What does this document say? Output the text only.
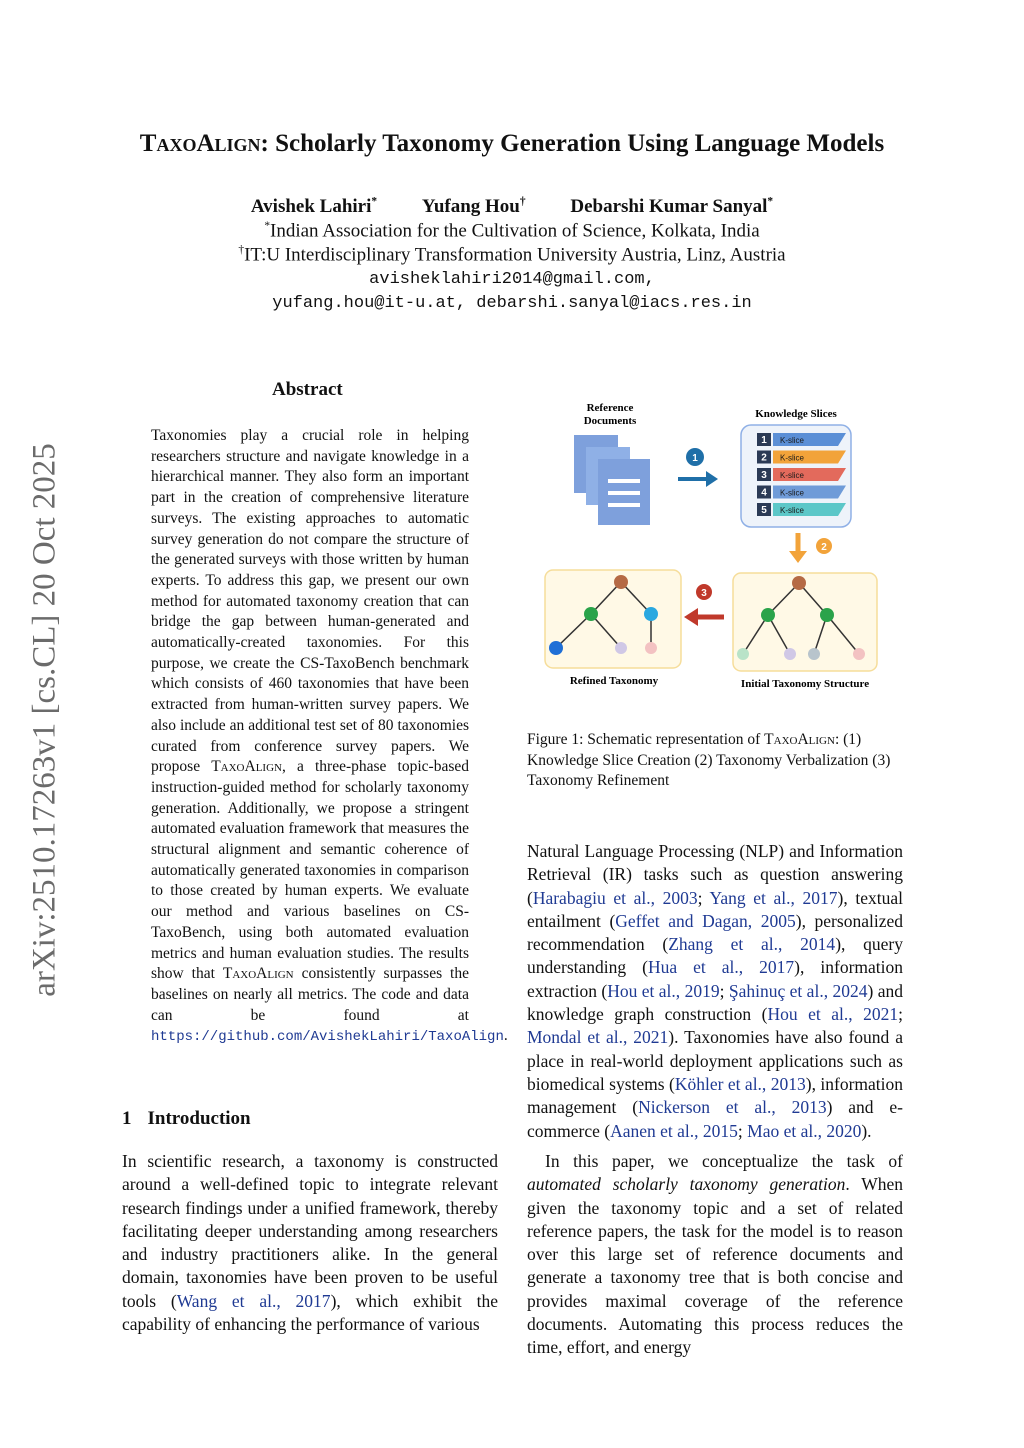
arXiv:2510.17263v1 [cs.CL] 20 Oct 2025
TaxoAlign: Scholarly Taxonomy Generation Using Language Models
Avishek Lahiri* Yufang Hou† Debarshi Kumar Sanyal*
*Indian Association for the Cultivation of Science, Kolkata, India
†IT:U Interdisciplinary Transformation University Austria, Linz, Austria
avisheklahiri2014@gmail.com,
yufang.hou@it-u.at, debarshi.sanyal@iacs.res.in
Abstract
Taxonomies play a crucial role in helping researchers structure and navigate knowledge in a hierarchical manner. They also form an important part in the creation of comprehensive literature surveys. The existing approaches to automatic survey generation do not compare the structure of the generated surveys with those written by human experts. To address this gap, we present our own method for automated taxonomy creation that can bridge the gap between human-generated and automatically-created taxonomies. For this purpose, we create the CS-TaxoBench benchmark which consists of 460 taxonomies that have been extracted from human-written survey papers. We also include an additional test set of 80 taxonomies curated from conference survey papers. We propose TaxoAlign, a three-phase topic-based instruction-guided method for scholarly taxonomy generation. Additionally, we propose a stringent automated evaluation framework that measures the structural alignment and semantic coherence of automatically generated taxonomies in comparison to those created by human experts. We evaluate our method and various baselines on CS-TaxoBench, using both automated evaluation metrics and human evaluation studies. The results show that TaxoAlign consistently surpasses the baselines on nearly all metrics. The code and data can be found at https://github.com/AvishekLahiri/TaxoAlign.
1 Introduction
In scientific research, a taxonomy is constructed around a well-defined topic to integrate relevant research findings under a unified framework, thereby facilitating deeper understanding among researchers and industry practitioners alike. In the general domain, taxonomies have been proven to be useful tools (Wang et al., 2017), which exhibit the capability of enhancing the performance of various
Reference Documents
1
Knowledge Slices
1 K-slice
2 K-slice
3 K-slice
4 K-slice
5 K-slice
2
Initial Taxonomy Structure
3
Refined Taxonomy
Figure 1: Schematic representation of TaxoAlign: (1) Knowledge Slice Creation (2) Taxonomy Verbalization (3) Taxonomy Refinement
Natural Language Processing (NLP) and Information Retrieval (IR) tasks such as question answering (Harabagiu et al., 2003; Yang et al., 2017), textual entailment (Geffet and Dagan, 2005), personalized recommendation (Zhang et al., 2014), query understanding (Hua et al., 2017), information extraction (Hou et al., 2019; Şahinuç et al., 2024) and knowledge graph construction (Hou et al., 2021; Mondal et al., 2021). Taxonomies have also found a place in real-world deployment applications such as biomedical systems (Köhler et al., 2013), information management (Nickerson et al., 2013) and e-commerce (Aanen et al., 2015; Mao et al., 2020).
In this paper, we conceptualize the task of automated scholarly taxonomy generation. When given the taxonomy topic and a set of related reference papers, the task for the model is to reason over this large set of reference documents and generate a taxonomy tree that is both concise and provides maximal coverage of the reference documents. Automating this process reduces the time, effort, and energy
